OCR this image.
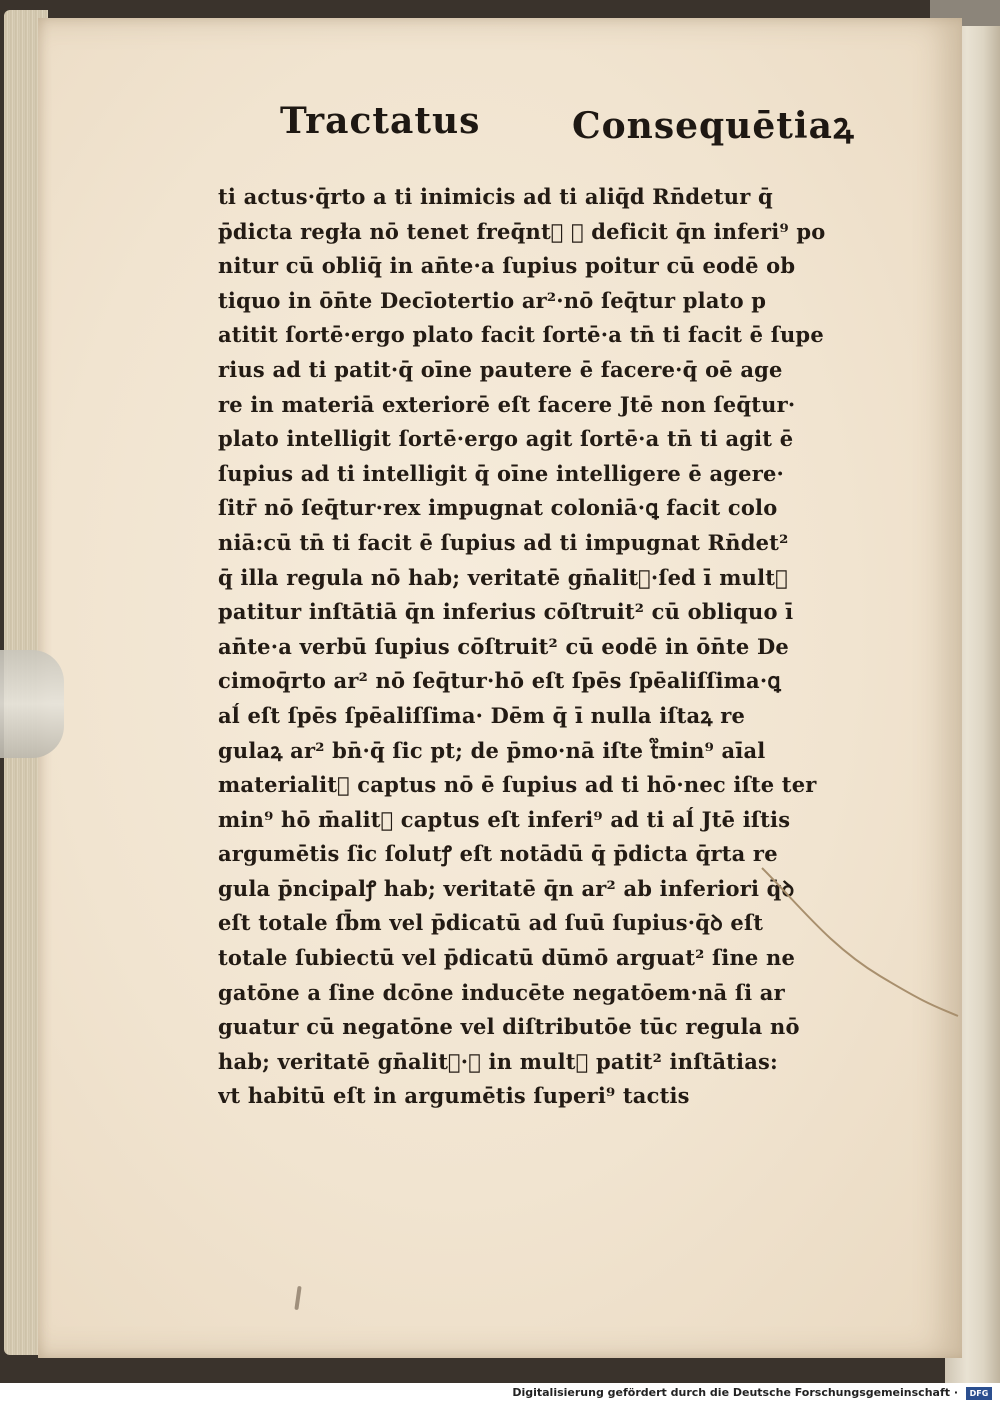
Tractatus	Consequētiaꝝ
ti actus·q̄rto a ti inimicis ad ti aliq̄d Rn̄detur q̄
p̄dicta regła nō tenet freq̄nt᷑ ꝗ deficit q̄n inferi⁹ po
nitur cū obliq̄ in an̄te·a ſupius poitur cū eodē ob
tiquo in ōn̄te Decīotertio ar²·nō ſeq̄tur plato p
atitit ſortē·ergo plato facit ſortē·a tn̄ ti facit ē ſupe
rius ad ti patit·q̄ oīne pautere ē facere·q̄ oē age
re in materiā exteriorē eſt facere Jtē non ſeq̄tur·
plato intelligit ſortē·ergo agit ſortē·a tn̄ ti agit ē
ſupius ad ti intelligit q̄ oīne intelligere ē agere·
ſitr̄ nō ſeq̄tur·rex impugnat coloniā·ꝗ facit colo
niā:cū tn̄ ti facit ē ſupius ad ti impugnat Rn̄det²
q̄ illa regula nō hab; veritatē gn̄alit᷑·ſed ī multꝭ
patitur inſtātiā q̄n inferius cōſtruit² cū obliquo ī
an̄te·a verbū ſupius cōſtruit² cū eodē in ōn̄te De
cimoq̄rto ar² nō ſeq̄tur·hō eſt ſpēs ſpēaliſſima·ꝗ
aĺ eſt ſpēs ſpēaliſſima· Dēm q̄ ī nulla iſtaꝝ re
gulaꝝ ar² bn̄·q̄ ſic pt; de p̄mo·nā iſte t᷑min⁹ aīal
materialit᷑ captus nō ē ſupius ad ti hō·nec iſte ter
min⁹ hō m̄alit᷑ captus eſt inferi⁹ ad ti aĺ Jtē iſtis
argumētis ſic ſolutꝭ eſt notādū q̄ p̄dicta q̄rta re
gula p̄ncipalꝭ hab; veritatē q̄n ar² ab inferiori q̄ꝺ
eſt totale ſb̄m vel p̄dicatū ad ſuū ſupius·q̄ꝺ eſt
totale ſubiectū vel p̄dicatū dūmō arguat² ſine ne
gatōne a ſine dcōne inducēte negatōem·nā ſi ar
guatur cū negatōne vel diſtributōe tūc regula nō
hab; veritatē gn̄alit᷑·ꝗ in multꝭ patit² inſtātias:
vt habitū eſt in argumētis ſuperi⁹ tactis
Digitalisierung gefördert durch die Deutsche Forschungsgemeinschaft ·	DFG
